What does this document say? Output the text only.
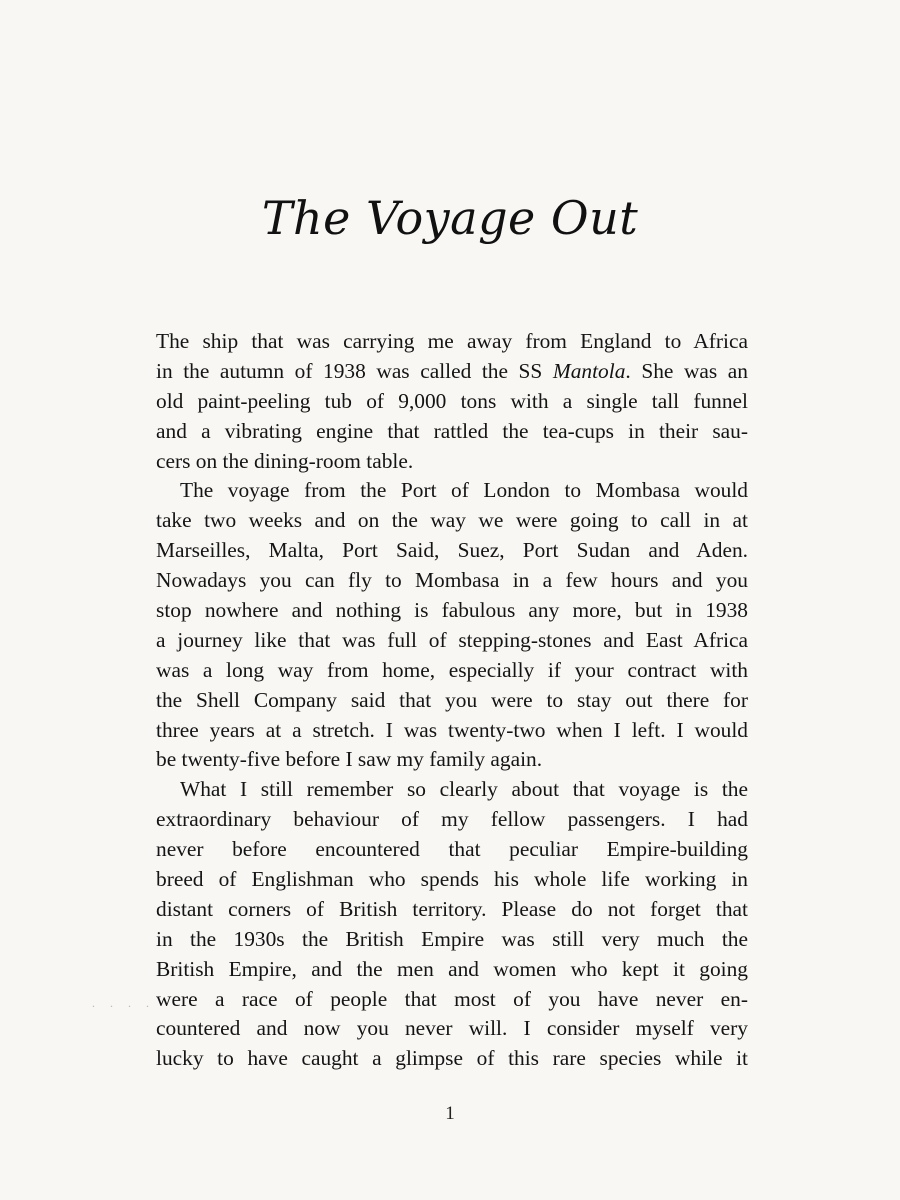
The Voyage Out
The ship that was carrying me away from England to Africa
in the autumn of 1938 was called the SS Mantola. She was an
old paint-peeling tub of 9,000 tons with a single tall funnel
and a vibrating engine that rattled the tea-cups in their sau-
cers on the dining-room table.
The voyage from the Port of London to Mombasa would
take two weeks and on the way we were going to call in at
Marseilles, Malta, Port Said, Suez, Port Sudan and Aden.
Nowadays you can fly to Mombasa in a few hours and you
stop nowhere and nothing is fabulous any more, but in 1938
a journey like that was full of stepping-stones and East Africa
was a long way from home, especially if your contract with
the Shell Company said that you were to stay out there for
three years at a stretch. I was twenty-two when I left. I would
be twenty-five before I saw my family again.
What I still remember so clearly about that voyage is the
extraordinary behaviour of my fellow passengers. I had
never before encountered that peculiar Empire-building
breed of Englishman who spends his whole life working in
distant corners of British territory. Please do not forget that
in the 1930s the British Empire was still very much the
British Empire, and the men and women who kept it going
were a race of people that most of you have never en-
countered and now you never will. I consider myself very
lucky to have caught a glimpse of this rare species while it
. . . .
1
